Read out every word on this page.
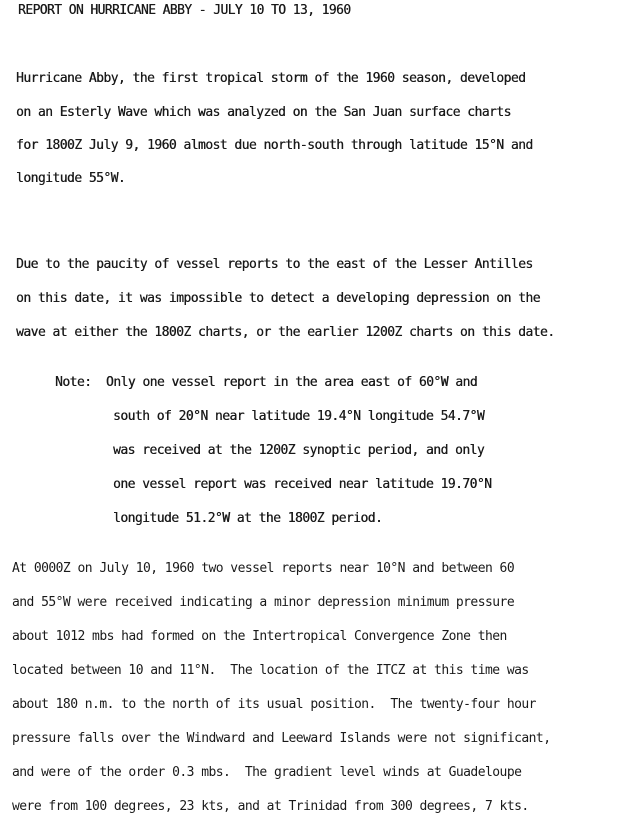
REPORT ON HURRICANE ABBY - JULY 10 TO 13, 1960
Hurricane Abby, the first tropical storm of the 1960 season, developed
on an Esterly Wave which was analyzed on the San Juan surface charts
for 1800Z July 9, 1960 almost due north-south through latitude 15°N and
longitude 55°W.
Due to the paucity of vessel reports to the east of the Lesser Antilles
on this date, it was impossible to detect a developing depression on the
wave at either the 1800Z charts, or the earlier 1200Z charts on this date.
Note:  Only one vessel report in the area east of 60°W and
south of 20°N near latitude 19.4°N longitude 54.7°W
was received at the 1200Z synoptic period, and only
one vessel report was received near latitude 19.70°N
longitude 51.2°W at the 1800Z period.
At 0000Z on July 10, 1960 two vessel reports near 10°N and between 60
and 55°W were received indicating a minor depression minimum pressure
about 1012 mbs had formed on the Intertropical Convergence Zone then
located between 10 and 11°N.  The location of the ITCZ at this time was
about 180 n.m. to the north of its usual position.  The twenty-four hour
pressure falls over the Windward and Leeward Islands were not significant,
and were of the order 0.3 mbs.  The gradient level winds at Guadeloupe
were from 100 degrees, 23 kts, and at Trinidad from 300 degrees, 7 kts.
